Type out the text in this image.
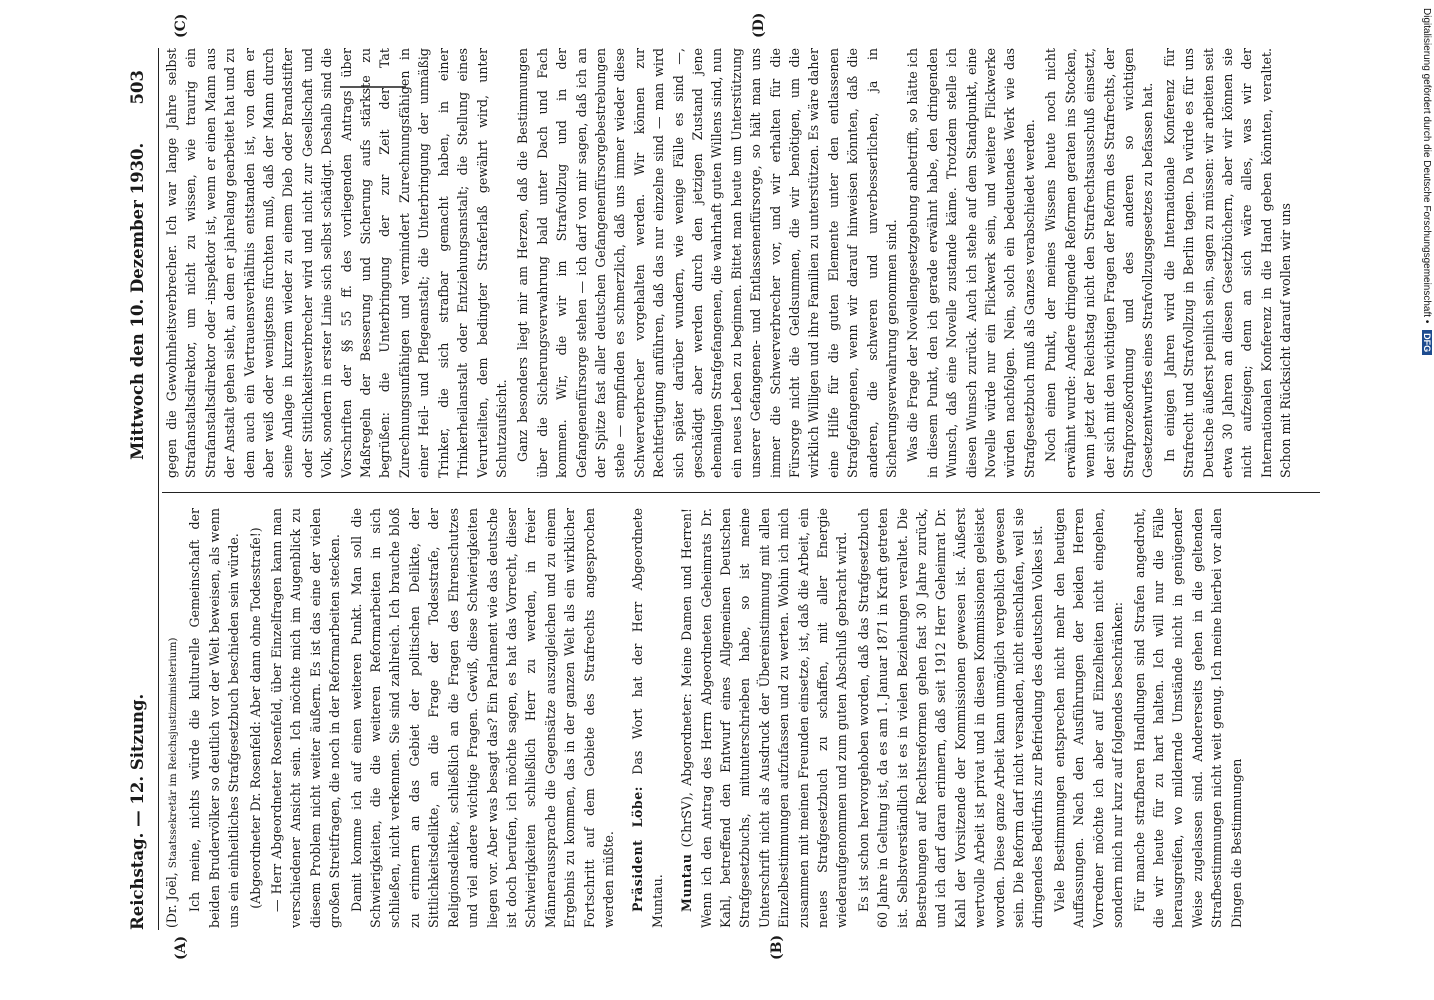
Reichstag. — 12. Sitzung.
Mittwoch den 10. Dezember 1930.
503
(A)	(B)
(C)	(D)

(Dr. Joël, Staatssekretär im Reichsjustizministerium) Ich meine, nichts würde die kulturelle Gemeinschaft der beiden Brudervölker so deutlich vor der Welt beweisen, als wenn uns ein einheitliches Strafgesetzbuch beschieden sein würde. (Abgeordneter Dr. Rosenfeld: Aber dann ohne Todesstrafe!) — Herr Abgeordneter Rosenfeld, über Einzelfragen kann man verschiedener Ansicht sein. Ich möchte mich im Augenblick zu diesem Problem nicht weiter äußern. Es ist das eine der vielen großen Streitfragen, die noch in der Reformarbeiten stecken. Damit komme ich auf einen weiteren Punkt. Man soll die Schwierigkeiten, die die weiteren Reformarbeiten in sich schließen, nicht verkennen. Sie sind zahlreich. Ich brauche bloß zu erinnern an das Gebiet der politischen Delikte, der Sittlichkeitsdelikte, an die Frage der Todesstrafe, der Religionsdelikte, schließlich an die Fragen des Ehrenschutzes und viel andere wichtige Fragen. Gewiß, diese Schwierigkeiten liegen vor. Aber was besagt das? Ein Parlament wie das deutsche ist doch berufen, ich möchte sagen, es hat das Vorrecht, dieser Schwierigkeiten schließlich Herr zu werden, in freier Männeraussprache die Gegensätze auszugleichen und zu einem Ergebnis zu kommen, das in der ganzen Welt als ein wirklicher Fortschritt auf dem Gebiete des Strafrechts angesprochen werden müßte. Präsident Löbe: Das Wort hat der Herr Abgeordnete Muntau. Muntau (ChrSV), Abgeordneter: Meine Damen und Herren! Wenn ich den Antrag des Herrn Abgeordneten Geheimrats Dr. Kahl, betreffend den Entwurf eines Allgemeinen Deutschen Strafgesetzbuchs, mitunterschrieben habe, so ist meine Unterschrift nicht als Ausdruck der Übereinstimmung mit allen Einzelbestimmungen aufzufassen und zu werten. Wohin ich mich zusammen mit meinen Freunden einsetze, ist, daß die Arbeit, ein neues Strafgesetzbuch zu schaffen, mit aller Energie wiederaufgenommen und zum guten Abschluß gebracht wird. Es ist schon hervorgehoben worden, daß das Strafgesetzbuch 60 Jahre in Geltung ist, da es am 1. Januar 1871 in Kraft getreten ist. Selbstverständlich ist es in vielen Beziehungen veraltet. Die Bestrebungen auf Rechtsreformen gehen fast 30 Jahre zurück, und ich darf daran erinnern, daß seit 1912 Herr Geheimrat Dr. Kahl der Vorsitzende der Kommissionen gewesen ist. Äußerst wertvolle Arbeit ist privat und in diesen Kommissionen geleistet worden. Diese ganze Arbeit kann unmöglich vergeblich gewesen sein. Die Reform darf nicht versanden, nicht einschlafen, weil sie dringendes Bedürfnis zur Befriedung des deutschen Volkes ist. Viele Bestimmungen entsprechen nicht mehr den heutigen Auffassungen. Nach den Ausführungen der beiden Herren Vorredner möchte ich aber auf Einzelheiten nicht eingehen, sondern mich nur kurz auf folgendes beschränken: Für manche strafbaren Handlungen sind Strafen angedroht, die wir heute für zu hart halten. Ich will nur die Fälle herausgreifen, wo mildernde Umstände nicht in genügender Weise zugelassen sind. Andererseits gehen in die geltenden Strafbestimmungen nicht weit genug. Ich meine hierbei vor allen Dingen die Bestimmungen

gegen die Gewohnheitsverbrecher. Ich war lange Jahre selbst Strafanstaltsdirektor, um nicht zu wissen, wie traurig ein Strafanstaltsdirektor oder -inspektor ist, wenn er einen Mann aus der Anstalt gehen sieht, an dem er jahrelang gearbeitet hat und zu dem auch ein Vertrauensverhältnis entstanden ist, von dem er aber weiß oder wenigstens fürchten muß, daß der Mann durch seine Anlage in kurzem wieder zu einem Dieb oder Brandstifter oder Sittlichkeitsverbrecher wird und nicht zur Gesellschaft und Volk, sondern in erster Linie sich selbst schädigt. Deshalb sind die Vorschriften der §§ 55 ff. des vorliegenden Antrags über Maßregeln der Besserung und Sicherung aufs stärkste zu begrüßen: die Unterbringung der zur Zeit der Tat Zurechnungsunfähigen und vermindert Zurechnungsfähigen in einer Heil- und Pflegeanstalt; die Unterbringung der unmäßig Trinker, die sich strafbar gemacht haben, in einer Trinkerheilanstalt oder Entziehungsanstalt; die Stellung eines Verurteilten, dem bedingter Straferlaß gewährt wird, unter Schutzaufsicht. Ganz besonders liegt mir am Herzen, daß die Bestimmungen über die Sicherungsverwahrung bald unter Dach und Fach kommen. Wir, die wir im Strafvollzug und in der Gefangenenfürsorge stehen — ich darf von mir sagen, daß ich an der Spitze fast aller deutschen Gefangenenfürsorgebestrebungen stehe — empfinden es schmerzlich, daß uns immer wieder diese Schwerverbrecher vorgehalten werden. Wir können zur Rechtfertigung anführen, daß das nur einzelne sind — man wird sich später darüber wundern, wie wenige Fälle es sind —, geschädigt aber werden durch den jetzigen Zustand jene ehemaligen Strafgefangenen, die wahrhaft guten Willens sind, nun ein neues Leben zu beginnen. Bittet man heute um Unterstützung unserer Gefangenen- und Entlassenenfürsorge, so hält man uns immer die Schwerverbrecher vor, und wir erhalten für die Fürsorge nicht die Geldsummen, die wir benötigen, um die wirklich Willigen und ihre Familien zu unterstützen. Es wäre daher eine Hilfe für die guten Elemente unter den entlassenen Strafgefangenen, wenn wir darauf hinweisen könnten, daß die anderen, die schweren und unverbesserlichen, ja in Sicherungsverwahrung genommen sind. Was die Frage der Novellengesetzgebung anbetrifft, so hätte ich in diesem Punkt, den ich gerade erwähnt habe, den dringenden Wunsch, daß eine Novelle zustande käme. Trotzdem stelle ich diesen Wunsch zurück. Auch ich stehe auf dem Standpunkt, eine Novelle würde nur ein Flickwerk sein, und weitere Flickwerke würden nachfolgen. Nein, solch ein bedeutendes Werk wie das Strafgesetzbuch muß als Ganzes verabschiedet werden. Noch einen Punkt, der meines Wissens heute noch nicht erwähnt wurde: Andere dringende Reformen geraten ins Stocken, wenn jetzt der Reichstag nicht den Strafrechtsausschuß einsetzt, der sich mit den wichtigen Fragen der Reform des Strafrechts, der Strafprozeßordnung und des anderen so wichtigen Gesetzentwurfes eines Strafvollzugsgesetzes zu befassen hat. In einigen Jahren wird die Internationale Konferenz für Strafrecht und Strafvollzug in Berlin tagen. Da würde es für uns Deutsche äußerst peinlich sein, sagen zu müssen: wir arbeiten seit etwa 30 Jahren an diesen Gesetzbüchern, aber wir können sie nicht aufzeigen; denn an sich wäre alles, was wir der Internationalen Konferenz in die Hand geben könnten, veraltet. Schon mit Rücksicht darauf wollen wir uns

Digitalisierung gefördert durch die Deutsche Forschungsgemeinschaft • DFG
